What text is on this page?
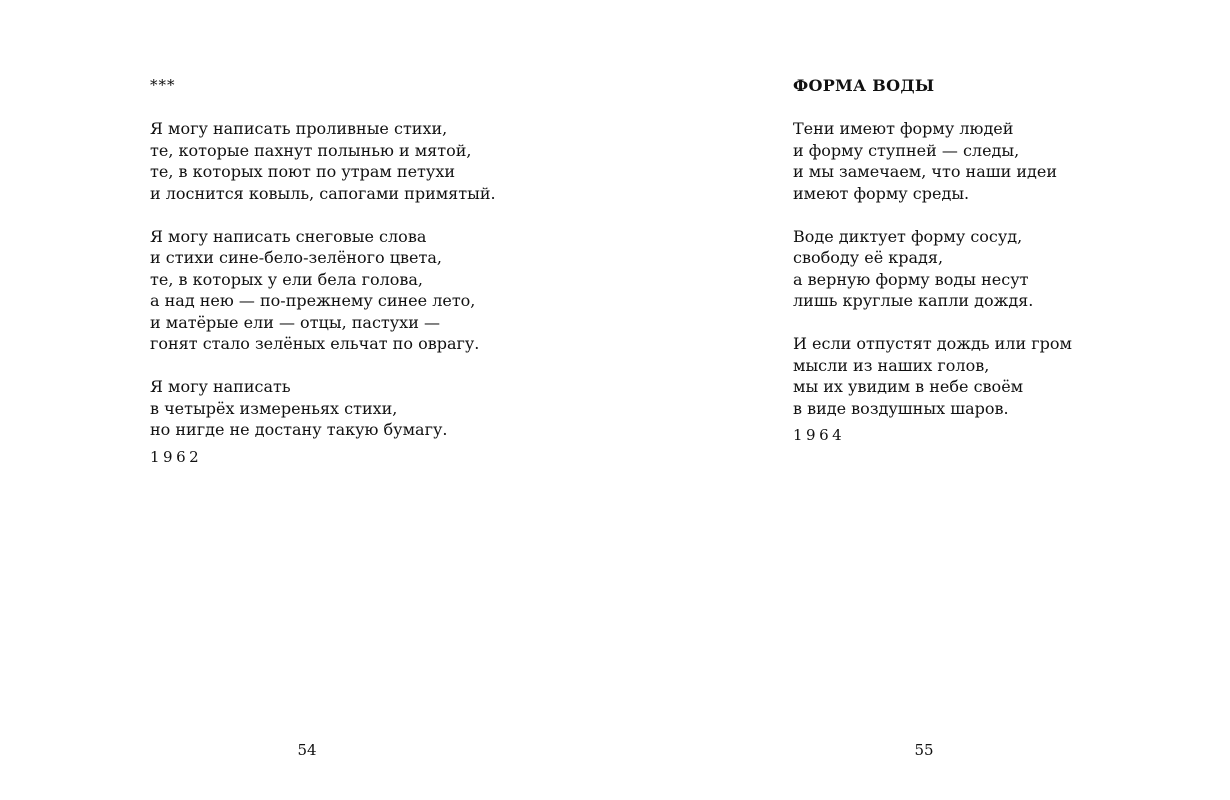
***
Я могу написать проливные стихи,
те, которые пахнут полынью и мятой,
те, в которых поют по утрам петухи
и лоснится ковыль, сапогами примятый.
Я могу написать снеговые слова
и стихи сине-бело-зелёного цвета,
те, в которых у ели бела голова,
а над нею — по-прежнему синее лето,
и матёрые ели — отцы, пастухи —
гонят стало зелёных ельчат по оврагу.
Я могу написать
в четырёх измереньях стихи,
но нигде не достану такую бумагу.
1962
54
ФОРМА ВОДЫ
Тени имеют форму людей
и форму ступней — следы,
и мы замечаем, что наши идеи
имеют форму среды.
Воде диктует форму сосуд,
свободу её крадя,
а верную форму воды несут
лишь круглые капли дождя.
И если отпустят дождь или гром
мысли из наших голов,
мы их увидим в небе своём
в виде воздушных шаров.
1964
55
